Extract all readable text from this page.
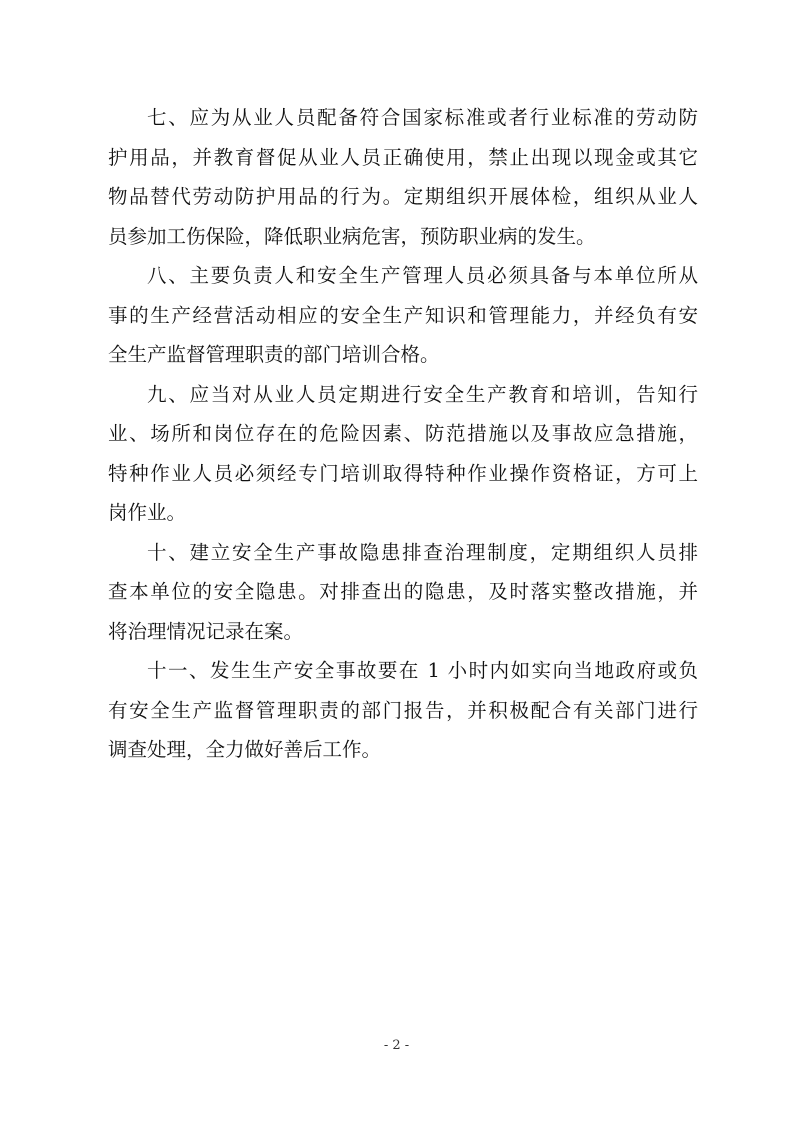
七、应为从业人员配备符合国家标准或者行业标准的劳动防
护用品，并教育督促从业人员正确使用，禁止出现以现金或其它
物品替代劳动防护用品的行为。定期组织开展体检，组织从业人
员参加工伤保险，降低职业病危害，预防职业病的发生。
八、主要负责人和安全生产管理人员必须具备与本单位所从
事的生产经营活动相应的安全生产知识和管理能力，并经负有安
全生产监督管理职责的部门培训合格。
九、应当对从业人员定期进行安全生产教育和培训，告知行
业、场所和岗位存在的危险因素、防范措施以及事故应急措施，
特种作业人员必须经专门培训取得特种作业操作资格证，方可上
岗作业。
十、建立安全生产事故隐患排查治理制度，定期组织人员排
查本单位的安全隐患。对排查出的隐患，及时落实整改措施，并
将治理情况记录在案。
十一、发生生产安全事故要在 1 小时内如实向当地政府或负
有安全生产监督管理职责的部门报告，并积极配合有关部门进行
调查处理，全力做好善后工作。
- 2 -
